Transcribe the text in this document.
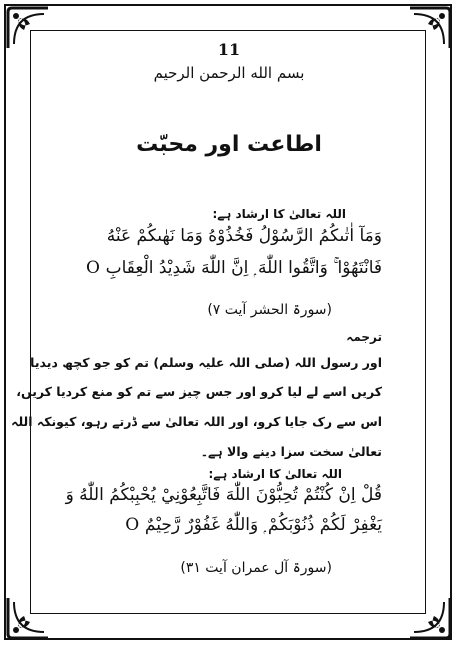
11
بسم الله الرحمن الرحیم
اطاعت اور محبّت
اللہ تعالیٰ کا ارشاد ہے:
وَمَآ اٰتٰىكُمُ الرَّسُوْلُ فَخُذُوْهُ وَمَا نَهٰىكُمْ عَنْهُ
فَانْتَهُوْا ۚ وَاتَّقُوا اللّٰهَ ۭ اِنَّ اللّٰهَ شَدِيْدُ الْعِقَابِ O
(سورۃ الحشر آیت ۷)
ترجمہ
اور رسول اللہ (صلی اللہ علیہ وسلم) تم کو جو کچھ دیدیا
کریں اسے لے لیا کرو اور جس چیز سے تم کو منع کردیا کریں،
اس سے رک جایا کرو، اور اللہ تعالیٰ سے ڈرتے رہو، کیونکہ اللہ
تعالیٰ سخت سزا دینے والا ہے۔
اللہ تعالیٰ کا ارشاد ہے:
قُلْ اِنْ كُنْتُمْ تُحِبُّوْنَ اللّٰهَ فَاتَّبِعُوْنِيْ يُحْبِبْكُمُ اللّٰهُ وَ
يَغْفِرْ لَكُمْ ذُنُوْبَكُمْ ۭ وَاللّٰهُ غَفُوْرٌ رَّحِيْمٌ O
(سورۃ آل عمران آیت ۳۱)
